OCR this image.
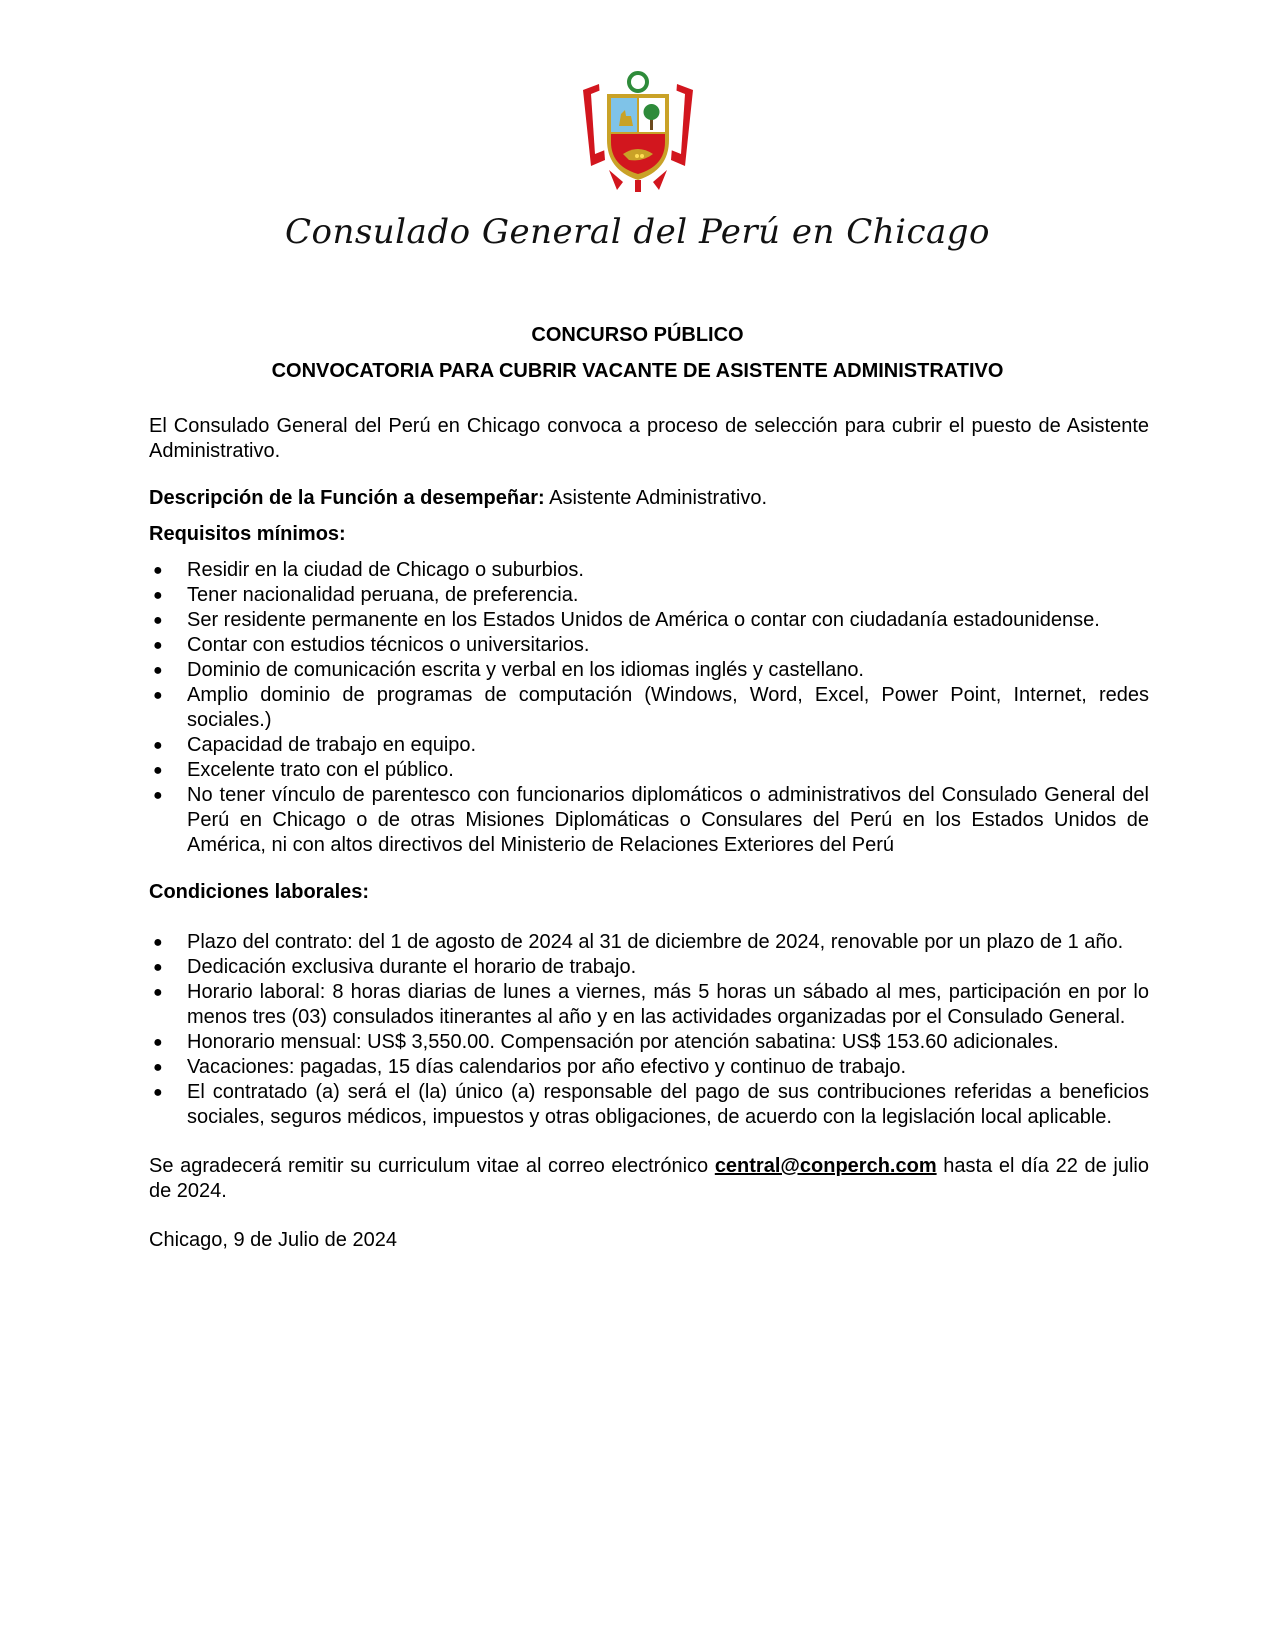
Consulado General del Perú en Chicago
CONCURSO PÚBLICO
CONVOCATORIA PARA CUBRIR VACANTE DE ASISTENTE ADMINISTRATIVO

El Consulado General del Perú en Chicago convoca a proceso de selección para cubrir el puesto de Asistente Administrativo.

Descripción de la Función a desempeñar: Asistente Administrativo.

Requisitos mínimos:

● Residir en la ciudad de Chicago o suburbios.
● Tener nacionalidad peruana, de preferencia.
● Ser residente permanente en los Estados Unidos de América o contar con ciudadanía estadounidense.
● Contar con estudios técnicos o universitarios.
● Dominio de comunicación escrita y verbal en los idiomas inglés y castellano.
● Amplio dominio de programas de computación (Windows, Word, Excel, Power Point, Internet, redes sociales.)
● Capacidad de trabajo en equipo.
● Excelente trato con el público.
● No tener vínculo de parentesco con funcionarios diplomáticos o administrativos del Consulado General del Perú en Chicago o de otras Misiones Diplomáticas o Consulares del Perú en los Estados Unidos de América, ni con altos directivos del Ministerio de Relaciones Exteriores del Perú

Condiciones laborales:

● Plazo del contrato: del 1 de agosto de 2024 al 31 de diciembre de 2024, renovable por un plazo de 1 año.
● Dedicación exclusiva durante el horario de trabajo.
● Horario laboral: 8 horas diarias de lunes a viernes, más 5 horas un sábado al mes, participación en por lo menos tres (03) consulados itinerantes al año y en las actividades organizadas por el Consulado General.
● Honorario mensual: US$ 3,550.00. Compensación por atención sabatina: US$ 153.60 adicionales.
● Vacaciones: pagadas, 15 días calendarios por año efectivo y continuo de trabajo.
● El contratado (a) será el (la) único (a) responsable del pago de sus contribuciones referidas a beneficios sociales, seguros médicos, impuestos y otras obligaciones, de acuerdo con la legislación local aplicable.

Se agradecerá remitir su curriculum vitae al correo electrónico central@conperch.com hasta el día 22 de julio de 2024.

Chicago, 9 de Julio de 2024
